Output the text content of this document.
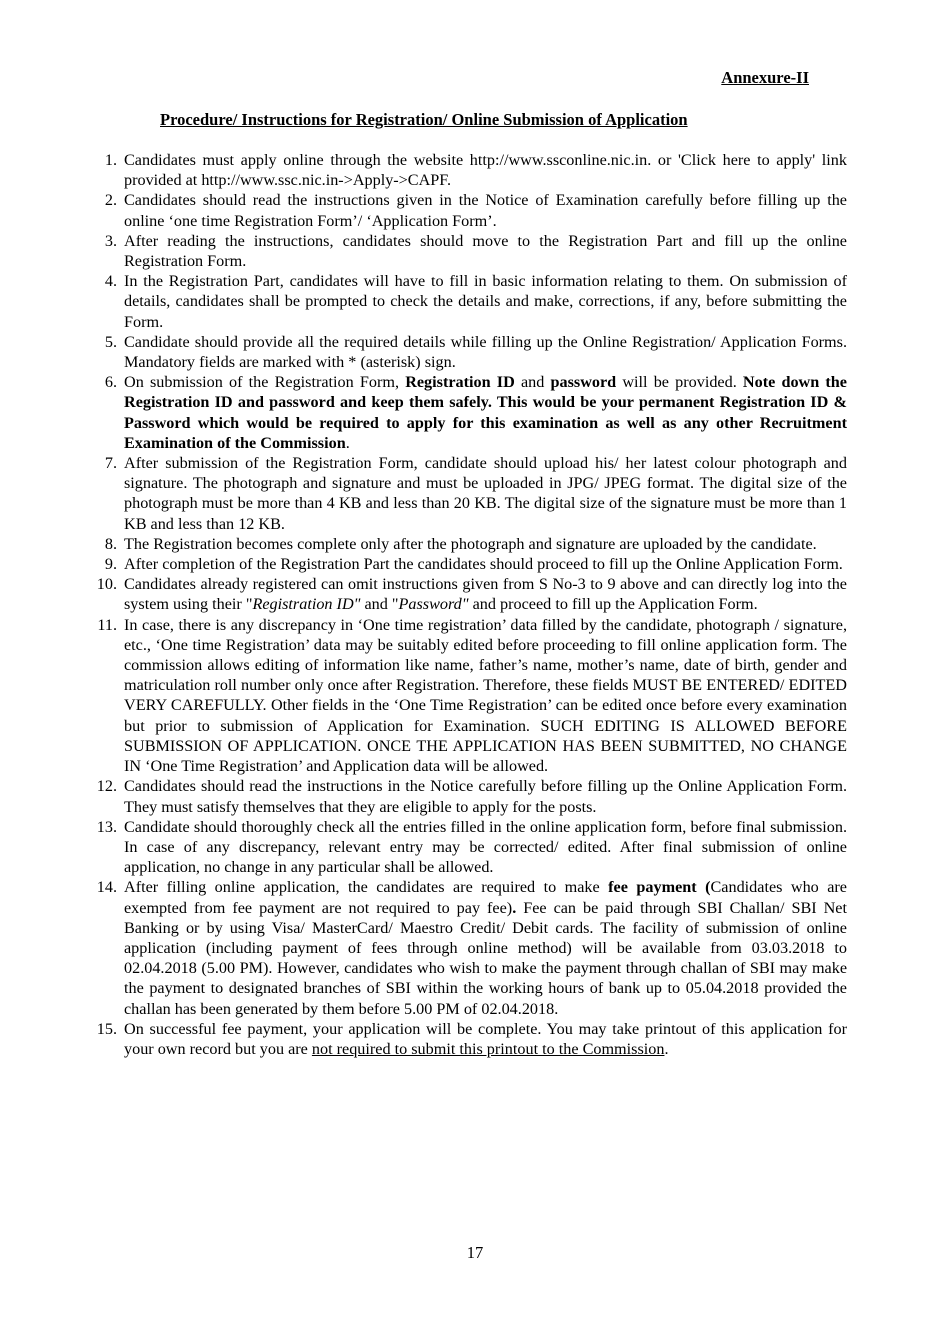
Annexure-II

Procedure/ Instructions for Registration/ Online Submission of Application

1 . Candidates must apply online through the website http://www.ssconline.nic.in. or 'Click here to apply' link provided at http://www.ssc.nic.in->Apply->CAPF.
2 . Candidates should read the instructions given in the Notice of Examination carefully before filling up the online ‘one time Registration Form’/ ‘Application Form’.
3 . After reading the instructions, candidates should move to the Registration Part and fill up the online Registration Form.
4 . In the Registration Part, candidates will have to fill in basic information relating to them. On submission of details, candidates shall be prompted to check the details and make, corrections, if any, before submitting the Form.
5 . Candidate should provide all the required details while filling up the Online Registration/ Application Forms. Mandatory fields are marked with * (asterisk) sign.
6 . On submission of the Registration Form, Registration ID and password will be provided. Note down the Registration ID and password and keep them safely. This would be your permanent Registration ID & Password which would be required to apply for this examination as well as any other Recruitment Examination of the Commission.
7 . After submission of the Registration Form, candidate should upload his/ her latest colour photograph and signature. The photograph and signature and must be uploaded in JPG/ JPEG format. The digital size of the photograph must be more than 4 KB and less than 20 KB. The digital size of the signature must be more than 1 KB and less than 12 KB.
8 . The Registration becomes complete only after the photograph and signature are uploaded by the candidate.
9 . After completion of the Registration Part the candidates should proceed to fill up the Online Application Form.
10 . Candidates already registered can omit instructions given from S No-3 to 9 above and can directly log into the system using their "Registration ID" and "Password" and proceed to fill up the Application Form.
11 . In case, there is any discrepancy in ‘One time registration’ data filled by the candidate, photograph / signature, etc., ‘One time Registration’ data may be suitably edited before proceeding to fill online application form. The commission allows editing of information like name, father’s name, mother’s name, date of birth, gender and matriculation roll number only once after Registration. Therefore, these fields MUST BE ENTERED/ EDITED VERY CAREFULLY. Other fields in the ‘One Time Registration’ can be edited once before every examination but prior to submission of Application for Examination. SUCH EDITING IS ALLOWED BEFORE SUBMISSION OF APPLICATION. ONCE THE APPLICATION HAS BEEN SUBMITTED, NO CHANGE IN ‘One Time Registration’ and Application data will be allowed.
12 . Candidates should read the instructions in the Notice carefully before filling up the Online Application Form. They must satisfy themselves that they are eligible to apply for the posts.
13 . Candidate should thoroughly check all the entries filled in the online application form, before final submission. In case of any discrepancy, relevant entry may be corrected/ edited. After final submission of online application, no change in any particular shall be allowed.
14 . After filling online application, the candidates are required to make fee payment (Candidates who are exempted from fee payment are not required to pay fee). Fee can be paid through SBI Challan/ SBI Net Banking or by using Visa/ MasterCard/ Maestro Credit/ Debit cards. The facility of submission of online application (including payment of fees through online method) will be available from 03.03.2018 to 02.04.2018 (5.00 PM). However, candidates who wish to make the payment through challan of SBI may make the payment to designated branches of SBI within the working hours of bank up to 05.04.2018 provided the challan has been generated by them before 5.00 PM of 02.04.2018.
15 . On successful fee payment, your application will be complete. You may take printout of this application for your own record but you are not required to submit this printout to the Commission.

17
